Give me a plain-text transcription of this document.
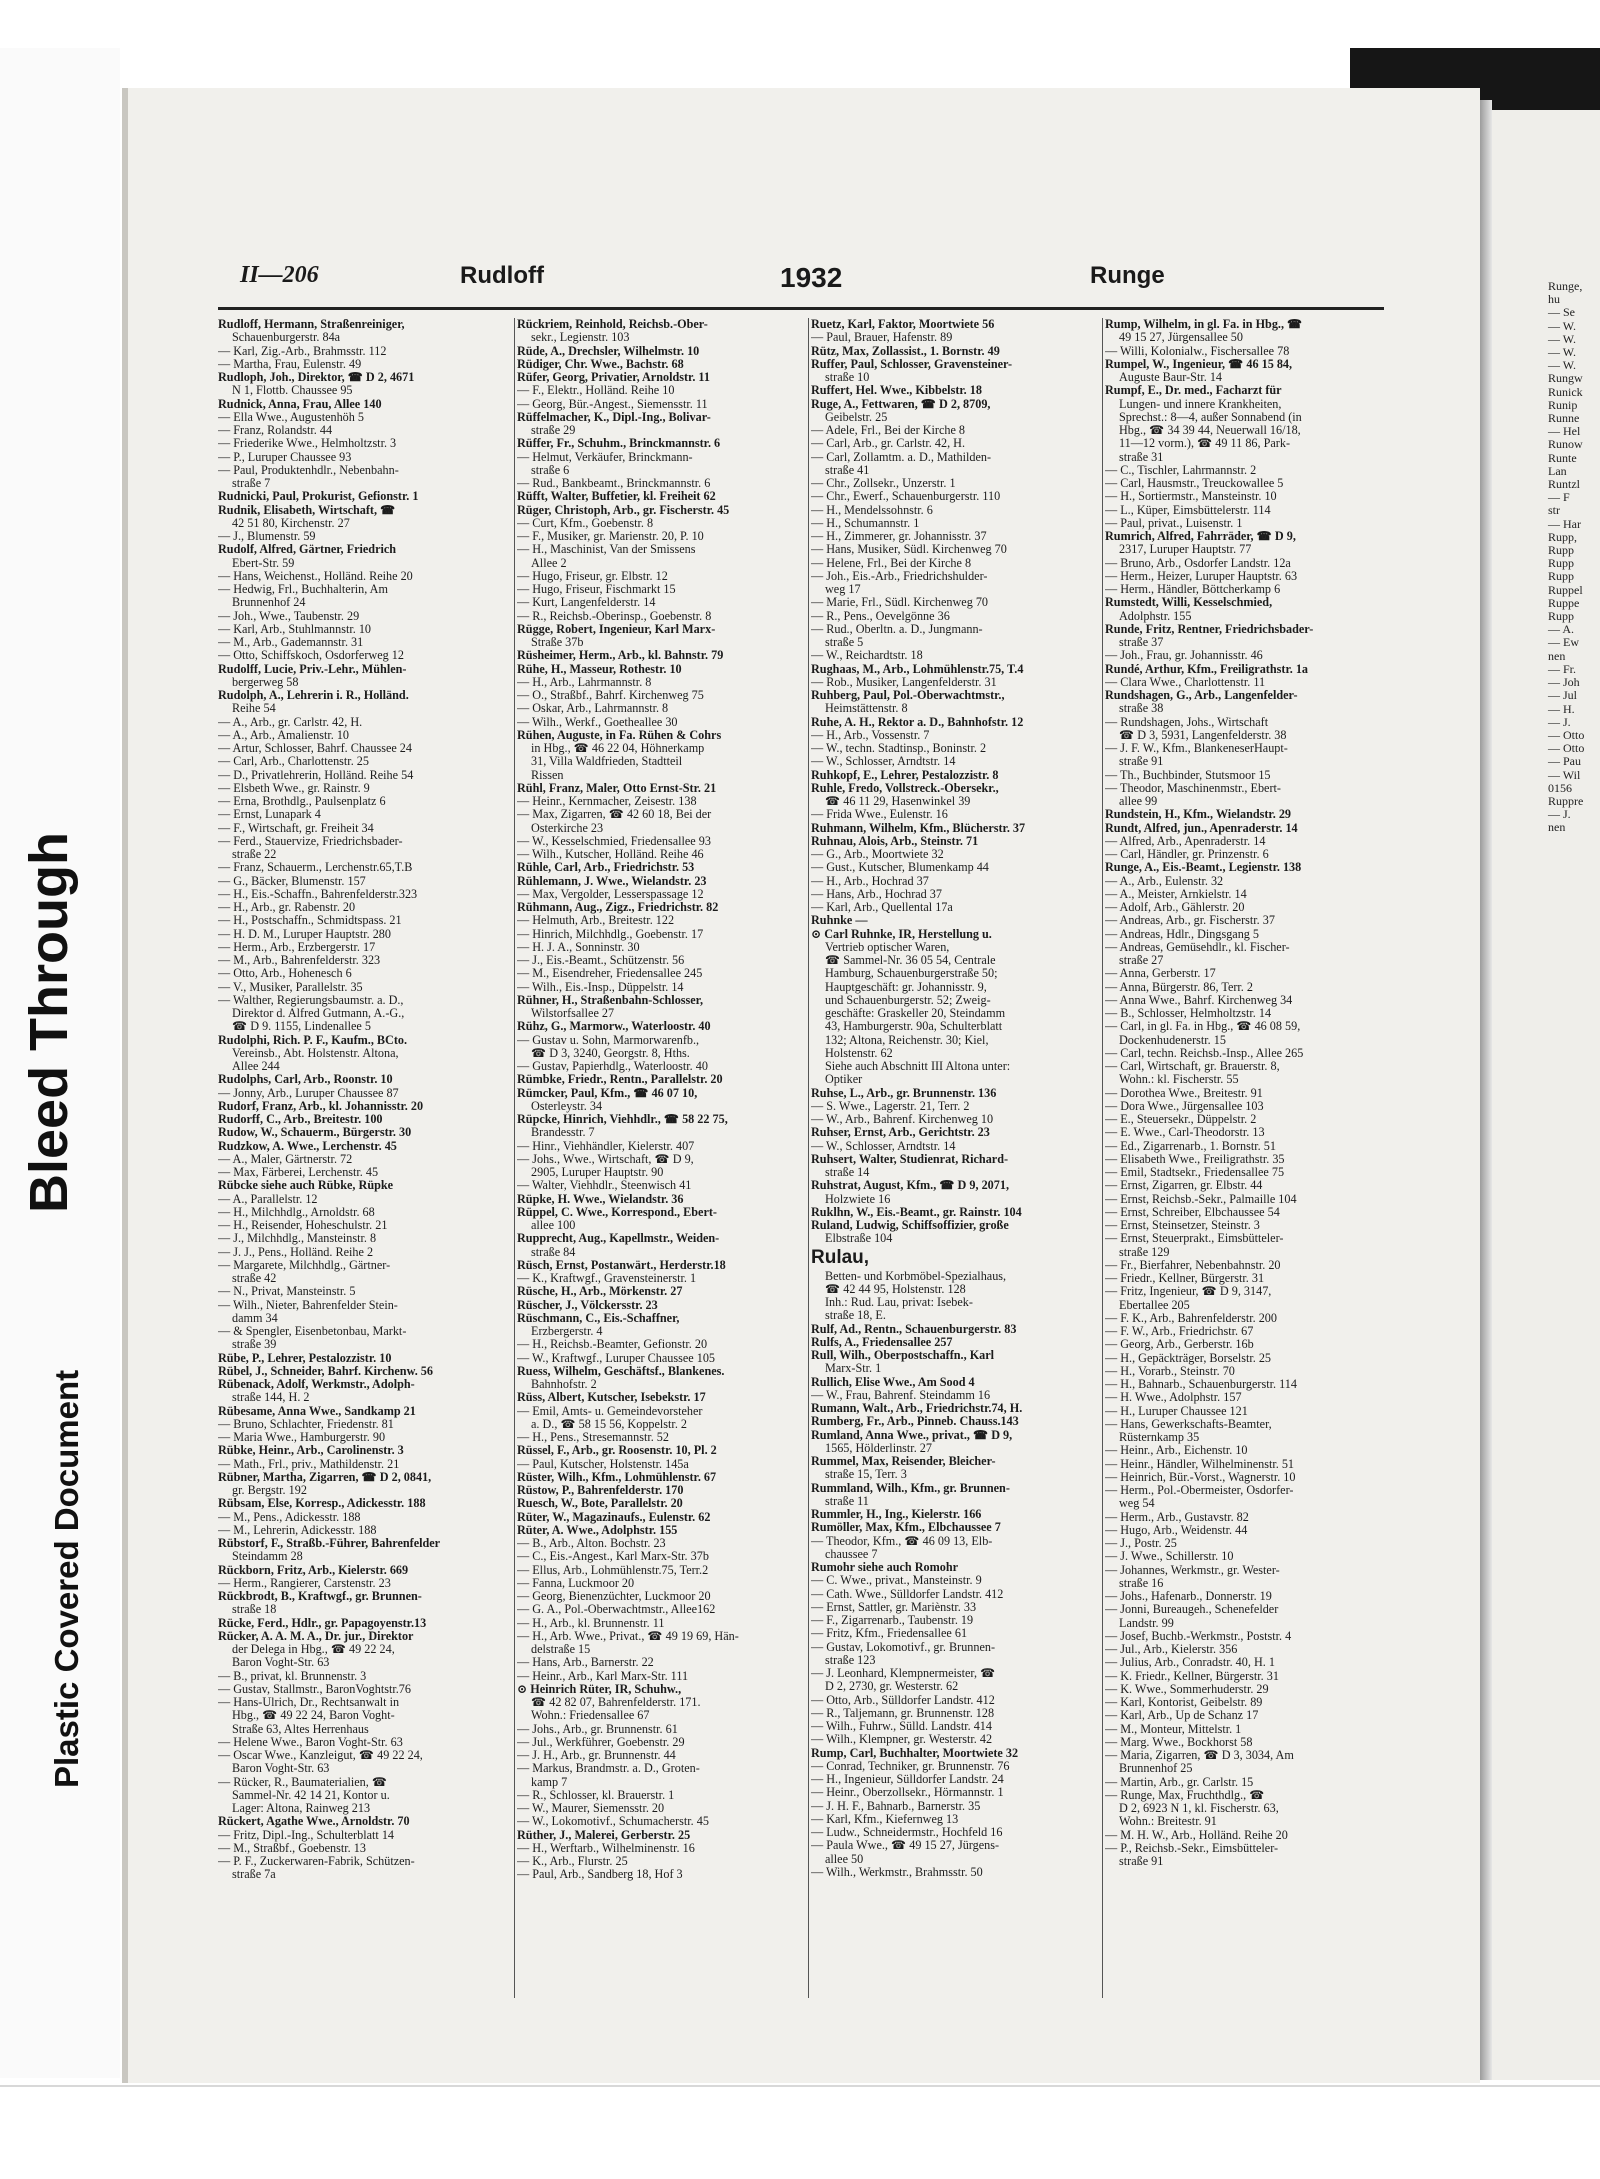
Bleed Through
Plastic Covered Document
Runge,
hu
— Se
— W.
— W.
— W.
— W.
Rungw
Runick
Runip
Runne
— Hel
Runow
Runte
Lan
Runtzl
— F
str
— Har
Rupp,
Rupp
Rupp
Rupp
Ruppel
Ruppe
Rupp
— A.
— Ew
nen
— Fr.
— Joh
— Jul
— H.
— J.
— Otto
— Otto
— Pau
— Wil
0156
Ruppre
— J.
nen
II—206	Rudloff	1932	Runge
Rudloff, Hermann, Straßenreiniger,
Schauenburgerstr. 84a
— Karl, Zig.-Arb., Brahmsstr. 112
— Martha, Frau, Eulenstr. 49
Rudloph, Joh., Direktor, ☎ D 2, 4671
N 1, Flottb. Chaussee 95
Rudnick, Anna, Frau, Allee 140
— Ella Wwe., Augustenhöh 5
— Franz, Rolandstr. 44
— Friederike Wwe., Helmholtzstr. 3
— P., Luruper Chaussee 93
— Paul, Produktenhdlr., Nebenbahn-
straße 7
Rudnicki, Paul, Prokurist, Gefionstr. 1
Rudnik, Elisabeth, Wirtschaft, ☎
42 51 80, Kirchenstr. 27
— J., Blumenstr. 59
Rudolf, Alfred, Gärtner, Friedrich
Ebert-Str. 59
— Hans, Weichenst., Holländ. Reihe 20
— Hedwig, Frl., Buchhalterin, Am
Brunnenhof 24
— Joh., Wwe., Taubenstr. 29
— Karl, Arb., Stuhlmannstr. 10
— M., Arb., Gademannstr. 31
— Otto, Schiffskoch, Osdorferweg 12
Rudolff, Lucie, Priv.-Lehr., Mühlen-
bergerweg 58
Rudolph, A., Lehrerin i. R., Holländ.
Reihe 54
— A., Arb., gr. Carlstr. 42, H.
— A., Arb., Amalienstr. 10
— Artur, Schlosser, Bahrf. Chaussee 24
— Carl, Arb., Charlottenstr. 25
— D., Privatlehrerin, Holländ. Reihe 54
— Elsbeth Wwe., gr. Rainstr. 9
— Erna, Brothdlg., Paulsenplatz 6
— Ernst, Lunapark 4
— F., Wirtschaft, gr. Freiheit 34
— Ferd., Stauervize, Friedrichsbader-
straße 22
— Franz, Schauerm., Lerchenstr.65,T.B
— G., Bäcker, Blumenstr. 157
— H., Eis.-Schaffn., Bahrenfelderstr.323
— H., Arb., gr. Rabenstr. 20
— H., Postschaffn., Schmidtspass. 21
— H. D. M., Luruper Hauptstr. 280
— Herm., Arb., Erzbergerstr. 17
— M., Arb., Bahrenfelderstr. 323
— Otto, Arb., Hohenesch 6
— V., Musiker, Parallelstr. 35
— Walther, Regierungsbaumstr. a. D.,
Direktor d. Alfred Gutmann, A.-G.,
☎ D 9. 1155, Lindenallee 5
Rudolphi, Rich. P. F., Kaufm., BCto.
Vereinsb., Abt. Holstenstr. Altona,
Allee 244
Rudolphs, Carl, Arb., Roonstr. 10
— Jonny, Arb., Luruper Chaussee 87
Rudorf, Franz, Arb., kl. Johannisstr. 20
Rudorff, C., Arb., Breitestr. 100
Rudow, W., Schauerm., Bürgerstr. 30
Rudzkow, A. Wwe., Lerchenstr. 45
— A., Maler, Gärtnerstr. 72
— Max, Färberei, Lerchenstr. 45
Rübcke siehe auch Rübke, Rüpke
— A., Parallelstr. 12
— H., Milchhdlg., Arnoldstr. 68
— H., Reisender, Hoheschulstr. 21
— J., Milchhdlg., Mansteinstr. 8
— J. J., Pens., Holländ. Reihe 2
— Margarete, Milchhdlg., Gärtner-
straße 42
— N., Privat, Mansteinstr. 5
— Wilh., Nieter, Bahrenfelder Stein-
damm 34
— & Spengler, Eisenbetonbau, Markt-
straße 39
Rübe, P., Lehrer, Pestalozzistr. 10
Rübel, J., Schneider, Bahrf. Kirchenw. 56
Rübenack, Adolf, Werkmstr., Adolph-
straße 144, H. 2
Rübesame, Anna Wwe., Sandkamp 21
— Bruno, Schlachter, Friedenstr. 81
— Maria Wwe., Hamburgerstr. 90
Rübke, Heinr., Arb., Carolinenstr. 3
— Math., Frl., priv., Mathildenstr. 21
Rübner, Martha, Zigarren, ☎ D 2, 0841,
gr. Bergstr. 192
Rübsam, Else, Korresp., Adickesstr. 188
— M., Pens., Adickesstr. 188
— M., Lehrerin, Adickesstr. 188
Rübstorf, F., Straßb.-Führer, Bahrenfelder
Steindamm 28
Rückborn, Fritz, Arb., Kielerstr. 669
— Herm., Rangierer, Carstenstr. 23
Rückbrodt, B., Kraftwgf., gr. Brunnen-
straße 18
Rücke, Ferd., Hdlr., gr. Papagoyenstr.13
Rücker, A. A. M. A., Dr. jur., Direktor
der Delega in Hbg., ☎ 49 22 24,
Baron Voght-Str. 63
— B., privat, kl. Brunnenstr. 3
— Gustav, Stallmstr., BaronVoghtstr.76
— Hans-Ulrich, Dr., Rechtsanwalt in
Hbg., ☎ 49 22 24, Baron Voght-
Straße 63, Altes Herrenhaus
— Helene Wwe., Baron Voght-Str. 63
— Oscar Wwe., Kanzleigut, ☎ 49 22 24,
Baron Voght-Str. 63
— Rücker, R., Baumaterialien, ☎
Sammel-Nr. 42 14 21, Kontor u.
Lager: Altona, Rainweg 213
Rückert, Agathe Wwe., Arnoldstr. 70
— Fritz, Dipl.-Ing., Schulterblatt 14
— M., Straßbf., Goebenstr. 13
— P. F., Zuckerwaren-Fabrik, Schützen-
straße 7a
Rückriem, Reinhold, Reichsb.-Ober-
sekr., Legienstr. 103
Rüde, A., Drechsler, Wilhelmstr. 10
Rüdiger, Chr. Wwe., Bachstr. 68
Rüfer, Georg, Privatier, Arnoldstr. 11
— F., Elektr., Holländ. Reihe 10
— Georg, Bür.-Angest., Siemensstr. 11
Rüffelmacher, K., Dipl.-Ing., Bolivar-
straße 29
Rüffer, Fr., Schuhm., Brinckmannstr. 6
— Helmut, Verkäufer, Brinckmann-
straße 6
— Rud., Bankbeamt., Brinckmannstr. 6
Rüfft, Walter, Buffetier, kl. Freiheit 62
Rüger, Christoph, Arb., gr. Fischerstr. 45
— Curt, Kfm., Goebenstr. 8
— F., Musiker, gr. Marienstr. 20, P. 10
— H., Maschinist, Van der Smissens
Allee 2
— Hugo, Friseur, gr. Elbstr. 12
— Hugo, Friseur, Fischmarkt 15
— Kurt, Langenfelderstr. 14
— R., Reichsb.-Oberinsp., Goebenstr. 8
Rügge, Robert, Ingenieur, Karl Marx-
Straße 37b
Rüsheimer, Herm., Arb., kl. Bahnstr. 79
Rühe, H., Masseur, Rothestr. 10
— H., Arb., Lahrmannstr. 8
— O., Straßbf., Bahrf. Kirchenweg 75
— Oskar, Arb., Lahrmannstr. 8
— Wilh., Werkf., Goetheallee 30
Rühen, Auguste, in Fa. Rühen & Cohrs
in Hbg., ☎ 46 22 04, Höhnerkamp
31, Villa Waldfrieden, Stadtteil
Rissen
Rühl, Franz, Maler, Otto Ernst-Str. 21
— Heinr., Kernmacher, Zeisestr. 138
— Max, Zigarren, ☎ 42 60 18, Bei der
Osterkirche 23
— W., Kesselschmied, Friedensallee 93
— Wilh., Kutscher, Holländ. Reihe 46
Rühle, Carl, Arb., Friedrichstr. 53
Rühlemann, J. Wwe., Wielandstr. 23
— Max, Vergolder, Lesserspassage 12
Rühmann, Aug., Zigz., Friedrichstr. 82
— Helmuth, Arb., Breitestr. 122
— Hinrich, Milchhdlg., Goebenstr. 17
— H. J. A., Sonninstr. 30
— J., Eis.-Beamt., Schützenstr. 56
— M., Eisendreher, Friedensallee 245
— Wilh., Eis.-Insp., Düppelstr. 14
Rühner, H., Straßenbahn-Schlosser,
Wilstorfsallee 27
Rühz, G., Marmorw., Waterloostr. 40
— Gustav u. Sohn, Marmorwarenfb.,
☎ D 3, 3240, Georgstr. 8, Hths.
— Gustav, Papierhdlg., Waterloostr. 40
Rümbke, Friedr., Rentn., Parallelstr. 20
Rümcker, Paul, Kfm., ☎ 46 07 10,
Osterleystr. 34
Rüpcke, Hinrich, Viehhdlr., ☎ 58 22 75,
Brandesstr. 7
— Hinr., Viehhändler, Kielerstr. 407
— Johs., Wwe., Wirtschaft, ☎ D 9,
2905, Luruper Hauptstr. 90
— Walter, Viehhdlr., Steenwisch 41
Rüpke, H. Wwe., Wielandstr. 36
Rüppel, C. Wwe., Korrespond., Ebert-
allee 100
Rupprecht, Aug., Kapellmstr., Weiden-
straße 84
Rüsch, Ernst, Postanwärt., Herderstr.18
— K., Kraftwgf., Gravensteinerstr. 1
Rüsche, H., Arb., Mörkenstr. 27
Rüscher, J., Völckersstr. 23
Rüschmann, C., Eis.-Schaffner,
Erzbergerstr. 4
— H., Reichsb.-Beamter, Gefionstr. 20
— W., Kraftwgf., Luruper Chaussee 105
Ruess, Wilhelm, Geschäftsf., Blankenes.
Bahnhofstr. 2
Rüss, Albert, Kutscher, Isebekstr. 17
— Emil, Amts- u. Gemeindevorsteher
a. D., ☎ 58 15 56, Koppelstr. 2
— H., Pens., Stresemannstr. 52
Rüssel, F., Arb., gr. Roosenstr. 10, Pl. 2
— Paul, Kutscher, Holstenstr. 145a
Rüster, Wilh., Kfm., Lohmühlenstr. 67
Rüstow, P., Bahrenfelderstr. 170
Ruesch, W., Bote, Parallelstr. 20
Rüter, W., Magazinaufs., Eulenstr. 62
Rüter, A. Wwe., Adolphstr. 155
— B., Arb., Alton. Bochstr. 23
— C., Eis.-Angest., Karl Marx-Str. 37b
— Ellus, Arb., Lohmühlenstr.75, Terr.2
— Fanna, Luckmoor 20
— Georg, Bienenzüchter, Luckmoor 20
— G. A., Pol.-Oberwachtmstr., Allee162
— H., Arb., kl. Brunnenstr. 11
— H., Arb. Wwe., Privat., ☎ 49 19 69, Hän-
delstraße 15
— Hans, Arb., Barnerstr. 22
— Heinr., Arb., Karl Marx-Str. 111
⊙ Heinrich Rüter, IR, Schuhw.,
☎ 42 82 07, Bahrenfelderstr. 171.
Wohn.: Friedensallee 67
— Johs., Arb., gr. Brunnenstr. 61
— Jul., Werkführer, Goebenstr. 29
— J. H., Arb., gr. Brunnenstr. 44
— Markus, Brandmstr. a. D., Groten-
kamp 7
— R., Schlosser, kl. Brauerstr. 1
— W., Maurer, Siemensstr. 20
— W., Lokomotivf., Schumacherstr. 45
Rüther, J., Malerei, Gerberstr. 25
— H., Werftarb., Wilhelminenstr. 16
— K., Arb., Flurstr. 25
— Paul, Arb., Sandberg 18, Hof 3
Ruetz, Karl, Faktor, Moortwiete 56
— Paul, Brauer, Hafenstr. 89
Rütz, Max, Zollassist., 1. Bornstr. 49
Ruffer, Paul, Schlosser, Gravensteiner-
straße 10
Ruffert, Hel. Wwe., Kibbelstr. 18
Ruge, A., Fettwaren, ☎ D 2, 8709,
Geibelstr. 25
— Adele, Frl., Bei der Kirche 8
— Carl, Arb., gr. Carlstr. 42, H.
— Carl, Zollamtm. a. D., Mathilden-
straße 41
— Chr., Zollsekr., Unzerstr. 1
— Chr., Ewerf., Schauenburgerstr. 110
— H., Mendelssohnstr. 6
— H., Schumannstr. 1
— H., Zimmerer, gr. Johannisstr. 37
— Hans, Musiker, Südl. Kirchenweg 70
— Helene, Frl., Bei der Kirche 8
— Joh., Eis.-Arb., Friedrichshulder-
weg 17
— Marie, Frl., Südl. Kirchenweg 70
— R., Pens., Oevelgönne 36
— Rud., Oberltn. a. D., Jungmann-
straße 5
— W., Reichardtstr. 18
Rughaas, M., Arb., Lohmühlenstr.75, T.4
— Rob., Musiker, Langenfelderstr. 31
Ruhberg, Paul, Pol.-Oberwachtmstr.,
Heimstättenstr. 8
Ruhe, A. H., Rektor a. D., Bahnhofstr. 12
— H., Arb., Vossenstr. 7
— W., techn. Stadtinsp., Boninstr. 2
— W., Schlosser, Arndtstr. 14
Ruhkopf, E., Lehrer, Pestalozzistr. 8
Ruhle, Fredo, Vollstreck.-Obersekr.,
☎ 46 11 29, Hasenwinkel 39
— Frida Wwe., Eulenstr. 16
Ruhmann, Wilhelm, Kfm., Blücherstr. 37
Ruhnau, Alois, Arb., Steinstr. 71
— G., Arb., Moortwiete 32
— Gust., Kutscher, Blumenkamp 44
— H., Arb., Hochrad 37
— Hans, Arb., Hochrad 37
— Karl, Arb., Quellental 17a
Ruhnke —
⊙ Carl Ruhnke, IR, Herstellung u.
Vertrieb optischer Waren,
☎ Sammel-Nr. 36 05 54, Centrale
Hamburg, Schauenburgerstraße 50;
Hauptgeschäft: gr. Johannisstr. 9,
und Schauenburgerstr. 52; Zweig-
geschäfte: Graskeller 20, Steindamm
43, Hamburgerstr. 90a, Schulterblatt
132; Altona, Reichenstr. 30; Kiel,
Holstenstr. 62
Siehe auch Abschnitt III Altona unter:
Optiker
Ruhse, L., Arb., gr. Brunnenstr. 136
— S. Wwe., Lagerstr. 21, Terr. 2
— W., Arb., Bahrenf. Kirchenweg 10
Ruhser, Ernst, Arb., Gerichtstr. 23
— W., Schlosser, Arndtstr. 14
Ruhsert, Walter, Studienrat, Richard-
straße 14
Ruhstrat, August, Kfm., ☎ D 9, 2071,
Holzwiete 16
Ruklhn, W., Eis.-Beamt., gr. Rainstr. 104
Ruland, Ludwig, Schiffsoffizier, große
Elbstraße 104
Rulau,
Betten- und Korbmöbel-Spezialhaus,
☎ 42 44 95, Holstenstr. 128
Inh.: Rud. Lau, privat: Isebek-
straße 18, E.
Rulf, Ad., Rentn., Schauenburgerstr. 83
Rulfs, A., Friedensallee 257
Rull, Wilh., Oberpostschaffn., Karl
Marx-Str. 1
Rullich, Elise Wwe., Am Sood 4
— W., Frau, Bahrenf. Steindamm 16
Rumann, Walt., Arb., Friedrichstr.74, H.
Rumberg, Fr., Arb., Pinneb. Chauss.143
Rumland, Anna Wwe., privat., ☎ D 9,
1565, Hölderlinstr. 27
Rummel, Max, Reisender, Bleicher-
straße 15, Terr. 3
Rummland, Wilh., Kfm., gr. Brunnen-
straße 11
Rummler, H., Ing., Kielerstr. 166
Rumöller, Max, Kfm., Elbchaussee 7
— Theodor, Kfm., ☎ 46 09 13, Elb-
chaussee 7
Rumohr siehe auch Romohr
— C. Wwe., privat., Mansteinstr. 9
— Cath. Wwe., Sülldorfer Landstr. 412
— Ernst, Sattler, gr. Mariènstr. 33
— F., Zigarrenarb., Taubenstr. 19
— Fritz, Kfm., Friedensallee 61
— Gustav, Lokomotivf., gr. Brunnen-
straße 123
— J. Leonhard, Klempnermeister, ☎
D 2, 2730, gr. Westerstr. 62
— Otto, Arb., Sülldorfer Landstr. 412
— R., Taljemann, gr. Brunnenstr. 128
— Wilh., Fuhrw., Sülld. Landstr. 414
— Wilh., Klempner, gr. Westerstr. 42
Rump, Carl, Buchhalter, Moortwiete 32
— Conrad, Techniker, gr. Brunnenstr. 76
— H., Ingenieur, Sülldorfer Landstr. 24
— Heinr., Oberzollsekr., Hörmannstr. 1
— J. H. F., Bahnarb., Barnerstr. 35
— Karl, Kfm., Kiefernweg 13
— Ludw., Schneidermstr., Hochfeld 16
— Paula Wwe., ☎ 49 15 27, Jürgens-
allee 50
— Wilh., Werkmstr., Brahmsstr. 50
Rump, Wilhelm, in gl. Fa. in Hbg., ☎
49 15 27, Jürgensallee 50
— Willi, Kolonialw., Fischersallee 78
Rumpel, W., Ingenieur, ☎ 46 15 84,
Auguste Baur-Str. 14
Rumpf, E., Dr. med., Facharzt für
Lungen- und innere Krankheiten,
Sprechst.: 8—4, außer Sonnabend (in
Hbg., ☎ 34 39 44, Neuerwall 16/18,
11—12 vorm.), ☎ 49 11 86, Park-
straße 31
— C., Tischler, Lahrmannstr. 2
— Carl, Hausmstr., Treuckowallee 5
— H., Sortiermstr., Mansteinstr. 10
— L., Küper, Eimsbüttelerstr. 114
— Paul, privat., Luisenstr. 1
Rumrich, Alfred, Fahrräder, ☎ D 9,
2317, Luruper Hauptstr. 77
— Bruno, Arb., Osdorfer Landstr. 12a
— Herm., Heizer, Luruper Hauptstr. 63
— Herm., Händler, Böttcherkamp 6
Rumstedt, Willi, Kesselschmied,
Adolphstr. 155
Runde, Fritz, Rentner, Friedrichsbader-
straße 37
— Joh., Frau, gr. Johannisstr. 46
Rundé, Arthur, Kfm., Freiligrathstr. 1a
— Clara Wwe., Charlottenstr. 11
Rundshagen, G., Arb., Langenfelder-
straße 38
— Rundshagen, Johs., Wirtschaft
☎ D 3, 5931, Langenfelderstr. 38
— J. F. W., Kfm., BlankeneserHaupt-
straße 91
— Th., Buchbinder, Stutsmoor 15
— Theodor, Maschinenmstr., Ebert-
allee 99
Rundstein, H., Kfm., Wielandstr. 29
Rundt, Alfred, jun., Apenraderstr. 14
— Alfred, Arb., Apenraderstr. 14
— Carl, Händler, gr. Prinzenstr. 6
Runge, A., Eis.-Beamt., Legienstr. 138
— A., Arb., Eulenstr. 32
— A., Meister, Arnkielstr. 14
— Adolf, Arb., Gählerstr. 20
— Andreas, Arb., gr. Fischerstr. 37
— Andreas, Hdlr., Dingsgang 5
— Andreas, Gemüsehdlr., kl. Fischer-
straße 27
— Anna, Gerberstr. 17
— Anna, Bürgerstr. 86, Terr. 2
— Anna Wwe., Bahrf. Kirchenweg 34
— B., Schlosser, Helmholtzstr. 14
— Carl, in gl. Fa. in Hbg., ☎ 46 08 59,
Dockenhudenerstr. 15
— Carl, techn. Reichsb.-Insp., Allee 265
— Carl, Wirtschaft, gr. Brauerstr. 8,
Wohn.: kl. Fischerstr. 55
— Dorothea Wwe., Breitestr. 91
— Dora Wwe., Jürgensallee 103
— E., Steuersekr., Düppelstr. 2
— E. Wwe., Carl-Theodorstr. 13
— Ed., Zigarrenarb., 1. Bornstr. 51
— Elisabeth Wwe., Freiligrathstr. 35
— Emil, Stadtsekr., Friedensallee 75
— Ernst, Zigarren, gr. Elbstr. 44
— Ernst, Reichsb.-Sekr., Palmaille 104
— Ernst, Schreiber, Elbchaussee 54
— Ernst, Steinsetzer, Steinstr. 3
— Ernst, Steuerprakt., Eimsbütteler-
straße 129
— Fr., Bierfahrer, Nebenbahnstr. 20
— Friedr., Kellner, Bürgerstr. 31
— Fritz, Ingenieur, ☎ D 9, 3147,
Ebertallee 205
— F. K., Arb., Bahrenfelderstr. 200
— F. W., Arb., Friedrichstr. 67
— Georg, Arb., Gerberstr. 16b
— H., Gepäckträger, Borselstr. 25
— H., Vorarb., Steinstr. 70
— H., Bahnarb., Schauenburgerstr. 114
— H. Wwe., Adolphstr. 157
— H., Luruper Chaussee 121
— Hans, Gewerkschafts-Beamter,
Rüsternkamp 35
— Heinr., Arb., Eichenstr. 10
— Heinr., Händler, Wilhelminenstr. 51
— Heinrich, Bür.-Vorst., Wagnerstr. 10
— Herm., Pol.-Obermeister, Osdorfer-
weg 54
— Herm., Arb., Gustavstr. 82
— Hugo, Arb., Weidenstr. 44
— J., Postr. 25
— J. Wwe., Schillerstr. 10
— Johannes, Werkmstr., gr. Wester-
straße 16
— Johs., Hafenarb., Donnerstr. 19
— Jonni, Bureaugeh., Schenefelder
Landstr. 99
— Josef, Buchb.-Werkmstr., Poststr. 4
— Jul., Arb., Kielerstr. 356
— Julius, Arb., Conradstr. 40, H. 1
— K. Friedr., Kellner, Bürgerstr. 31
— K. Wwe., Sommerhuderstr. 29
— Karl, Kontorist, Geibelstr. 89
— Karl, Arb., Up de Schanz 17
— M., Monteur, Mittelstr. 1
— Marg. Wwe., Bockhorst 58
— Maria, Zigarren, ☎ D 3, 3034, Am
Brunnenhof 25
— Martin, Arb., gr. Carlstr. 15
— Runge, Max, Fruchthdlg., ☎
D 2, 6923 N 1, kl. Fischerstr. 63,
Wohn.: Breitestr. 91
— M. H. W., Arb., Holländ. Reihe 20
— P., Reichsb.-Sekr., Eimsbütteler-
straße 91
